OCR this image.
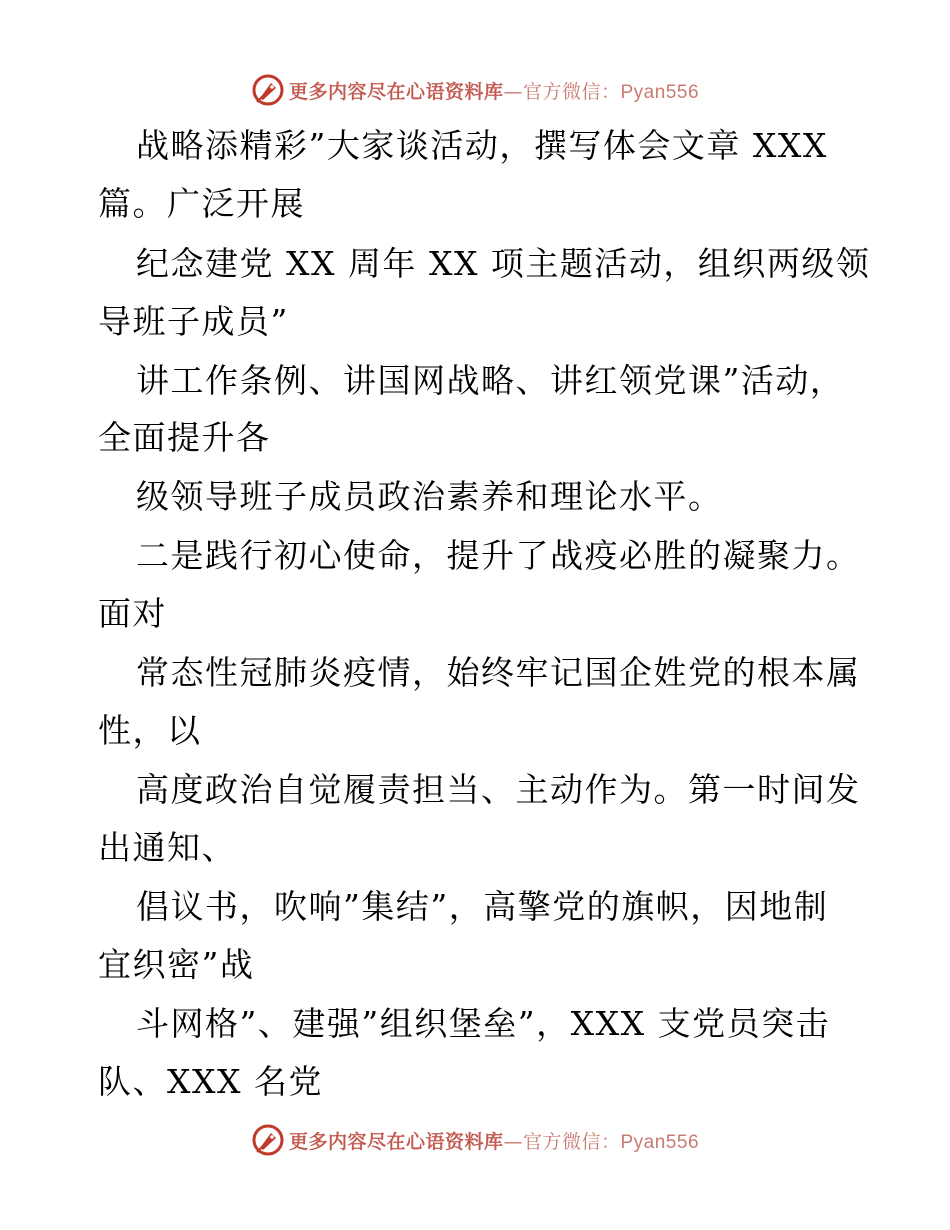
更多内容尽在心语资料库—官方微信：Pyan556
战略添精彩”大家谈活动，撰写体会文章 XXX
篇。广泛开展
纪念建党 XX 周年 XX 项主题活动，组织两级领
导班子成员”
讲工作条例、讲国网战略、讲红领党课”活动，
全面提升各
级领导班子成员政治素养和理论水平。
二是践行初心使命，提升了战疫必胜的凝聚力。
面对
常态性冠肺炎疫情，始终牢记国企姓党的根本属
性，以
高度政治自觉履责担当、主动作为。第一时间发
出通知、
倡议书，吹响”集结”，高擎党的旗帜，因地制
宜织密”战
斗网格”、建强”组织堡垒”，XXX 支党员突击
队、XXX 名党
更多内容尽在心语资料库—官方微信：Pyan556
